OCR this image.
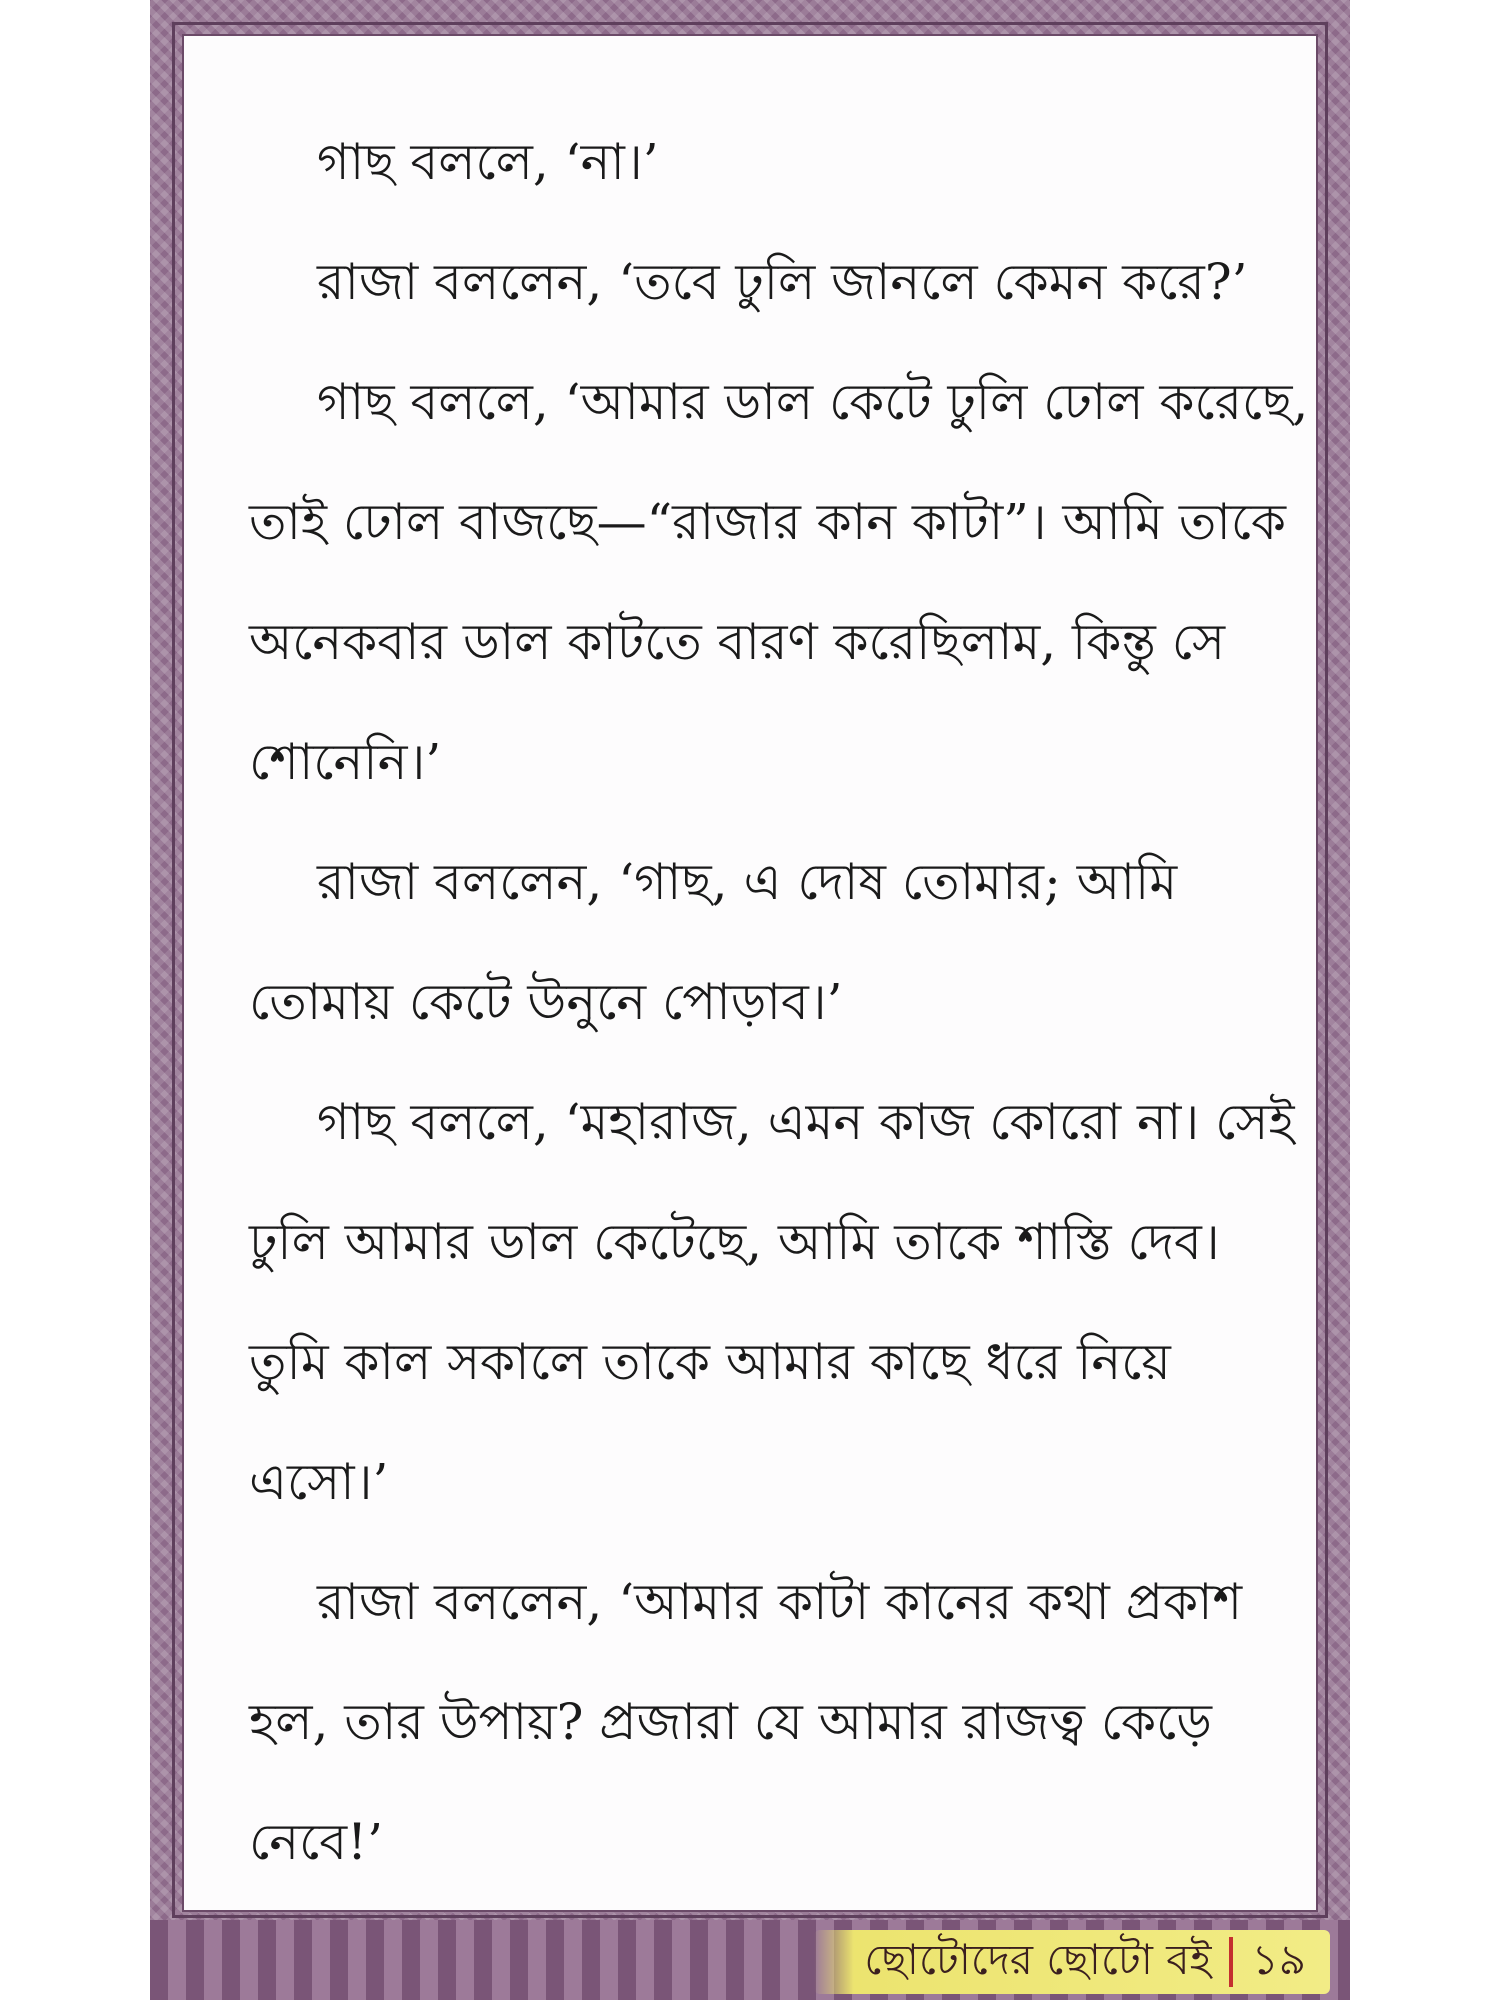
গাছ বললে, ‘না।’

রাজা বললেন, ‘তবে ঢুলি জানলে কেমন করে?’

গাছ বললে, ‘আমার ডাল কেটে ঢুলি ঢোল করেছে,

তাই ঢোল বাজছে—“রাজার কান কাটা”। আমি তাকে

অনেকবার ডাল কাটতে বারণ করেছিলাম, কিন্তু সে

শোনেনি।’

রাজা বললেন, ‘গাছ, এ দোষ তোমার; আমি

তোমায় কেটে উনুনে পোড়াব।’

গাছ বললে, ‘মহারাজ, এমন কাজ কোরো না। সেই

ঢুলি আমার ডাল কেটেছে, আমি তাকে শাস্তি দেব।

তুমি কাল সকালে তাকে আমার কাছে ধরে নিয়ে

এসো।’

রাজা বললেন, ‘আমার কাটা কানের কথা প্রকাশ

হল, তার উপায়? প্রজারা যে আমার রাজত্ব কেড়ে

নেবে!’

ছোটোদের ছোটো বই ১৯
